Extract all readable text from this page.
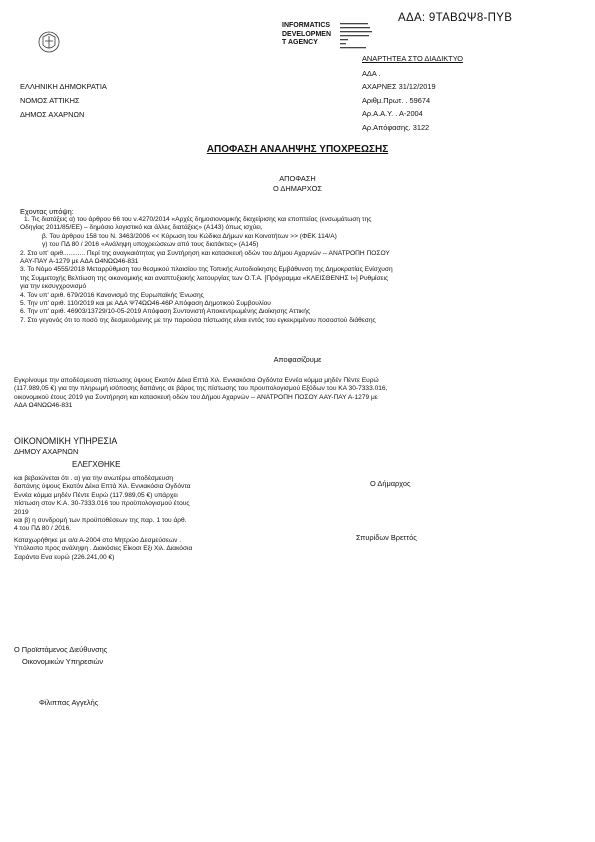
ΑΔΑ: 9ΤΑΒΩΨ8-ΠΥΒ
INFORMATICS
DEVELOPMEN
T AGENCY
ΑΝΑΡΤΗΤΕΑ ΣΤΟ ΔΙΑΔΙΚΤΥΟ
ΕΛΛΗΝΙΚΗ ΔΗΜΟΚΡΑΤΙΑ
ΝΟΜΟΣ ΑΤΤΙΚΗΣ
ΔΗΜΟΣ ΑΧΑΡΝΩΝ
ΑΔΑ .
ΑΧΑΡΝΕΣ 31/12/2019
Αριθμ.Πρωτ. . 59674
Αρ.Α.Α.Υ. . Α-2004
Αρ.Απόφασης. 3122
ΑΠΟΦΑΣΗ ΑΝΑΛΗΨΗΣ ΥΠΟΧΡΕΩΣΗΣ
ΑΠΟΦΑΣΗ
Ο ΔΗΜΑΡΧΟΣ
Εχοντας υπόψη:
1. Τις διατάξεις α) του άρθρου 66 του ν.4270/2014 «Αρχές δημοσιονομικής διαχείρισης και εποπτείας (ενσωμάτωση της
Οδηγίας 2011/85/ΕΕ) – δημόσιο λογιστικό και άλλες διατάξεις» (Α143) όπως ισχύει,
β. Του άρθρου 158 του Ν. 3463/2006 << Κύρωση του Κώδικα Δήμων και Κοινοτήτων >> (ΦΕΚ 114/Α)
γ) του ΠΔ 80 / 2016 «Ανάληψη υποχρεώσεων από τους διατάκτες» (Α145)
2. Στο υπ' αριθ............ Περί της αναγκαιότητας για Συντήρηση και κατασκευή οδών του Δήμου Αχαρνών -- ΑΝΑΤΡΟΠΗ ΠΟΣΟΥ
ΑΑΥ-ΠΑΥ Α-1279 με ΑΔΑ Ω4ΝΩΩ46-831
3. Το Νόμο 4555/2018 Μεταρρύθμιση του θεσμικού πλαισίου της Τοπικής Αυτοδιοίκησης Εμβάθυνση της Δημοκρατίας Ενίσχυση
της Συμμετοχής Βελτίωση της οικονομικής και αναπτυξιακής λειτουργίας των Ο.Τ.Α. [Πρόγραμμα «ΚΛΕΙΣΘΕΝΗΣ Ι»] Ρυθμίσεις
για την εκσυγχρονισμό
4. Τον υπ' αριθ. 679/2016 Κανονισμό της Ευρωπαϊκής Ένωσης
5. Την υπ' αριθ. 110/2019 και με ΑΔΑ Ψ74ΩΩ46-46Ρ Απόφαση Δημοτικού Συμβουλίου
6. Την υπ' αριθ. 46903/13729/10-05-2019 Απόφαση Συντονιστή Αποκεντρωμένης Διοίκησης Αττικής
7. Στο γεγονός ότι το ποσό της δεσμευόμενης με την παρούσα πίστωσης είναι εντός του εγκεκριμένου ποσοστού διάθεσης
Αποφασίζουμε
Εγκρίνουμε την αποδέσμευση πίστωσης ύψους Εκατόν Δέκα Επτά Χιλ. Εννιακόσια Ογδόντα Εννέα κόμμα μηδέν Πέντε Ευρώ
(117.989,05 €) για την πληρωμή ισόποσης δαπάνης σε βάρος της πίστωσης του προυπολογισμού Εξόδων του ΚΑ 30-7333.016,
οικονομικού έτους 2019 για Συντήρηση και κατασκευή οδών του Δήμου Αχαρνών -- ΑΝΑΤΡΟΠΗ ΠΟΣΟΥ ΑΑΥ-ΠΑΥ Α-1279 με
ΑΔΑ Ω4ΝΩΩ46-831
ΟΙΚΟΝΟΜΙΚΗ ΥΠΗΡΕΣΙΑ
ΔΗΜΟΥ ΑΧΑΡΝΩΝ
ΕΛΕΓΧΘΗΚΕ
και βεβαιώνεται ότι . α) για την ανωτέρω αποδέσμευση
δαπάνης ύψους Εκατόν Δέκα Επτά Χιλ. Εννιακόσια Ογδόντα
Εννέα κόμμα μηδέν Πέντε Ευρώ (117.989,05 €) υπάρχει
πίστωση στον Κ.Α. 30-7333.016 του προϋπολογισμού έτους
2019
και β) η συνδρομή των προϋποθέσεων της παρ. 1 του άρθ.
4 του ΠΔ 80 / 2016.
Καταχωρήθηκε με α/α Α-2004 στο Μητρώο Δεσμεύσεων .
Υπόλοιπο προς ανάληψη . Διακόσιες Είκοσι Εξι Χιλ. Διακόσια
Σαράντα Ενα ευρώ (226.241,00 €)
Ο Δήμαρχος
Σπυρίδων Βρεττός
Ο Προϊστάμενος Διεύθυνσης
Οικονομικών Υπηρεσιών
Φίλιππας Αγγελής
